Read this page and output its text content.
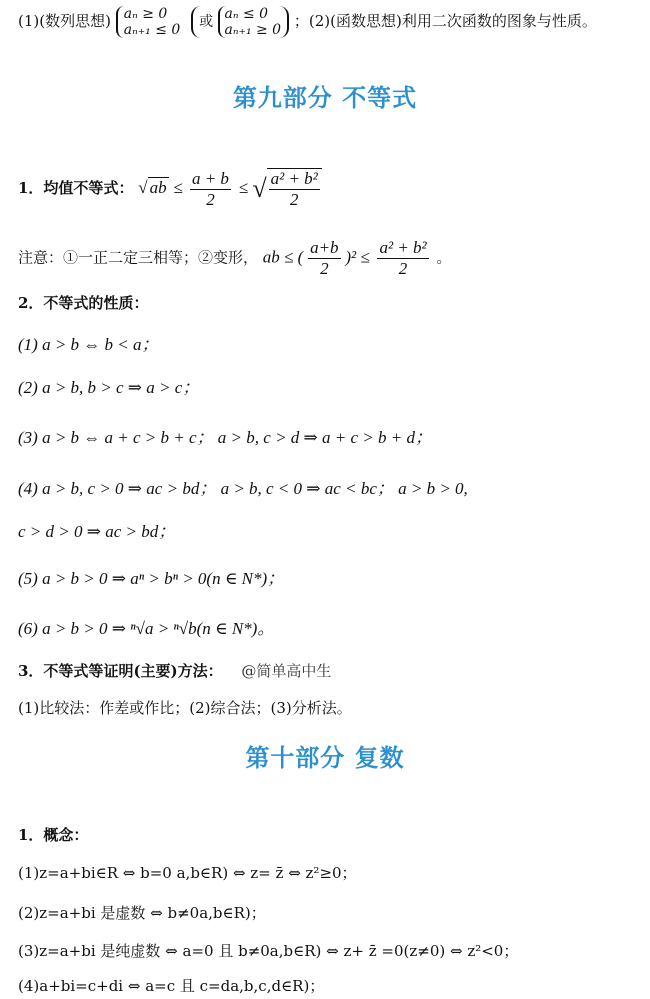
(1)(数列思想) aₙ ≥ 0
aₙ₊₁ ≤ 0 或 aₙ ≤ 0
aₙ₊₁ ≥ 0 ；(2)(函数思想)利用二次函数的图象与性质。
第九部分 不等式
1．均值不等式： √ ab ≤ $\frac{a + b}{2}$ ≤ √ $\frac{\text{a² + b²}}{2}$
注意：①一正二定三相等；②变形， ab ≤ ( $\frac{a+b}{2} )^2 \le \frac{\text{a² + b²}}{2}$ 。
2．不等式的性质：
(1) a > b ⇔ b < a；
(2) a > b, b > c ⇒ a > c；
(3) a > b ⇔ a + c > b + c； a > b, c > d ⇒ a + c > b + d；
(4) a > b, c > 0 ⇒ ac > bd； a > b, c < 0 ⇒ ac < bc； a > b > 0,
c > d > 0 ⇒ ac > bd；
(5) a > b > 0 ⇒ aⁿ > bⁿ > 0(n ∈ N*)；
(6) a > b > 0 ⇒ ⁿ√a > ⁿ√b(n ∈ N*)。
3．不等式等证明(主要)方法： @简单高中生
(1)比较法：作差或作比；(2)综合法；(3)分析法。
第十部分 复数
1．概念：
(1)z=a+bi∈R ⇔ b=0 a,b∈R) ⇔ z= z̄ ⇔ z²≥0；
(2)z=a+bi 是虚数 ⇔ b≠0a,b∈R)；
(3)z=a+bi 是纯虚数 ⇔ a=0 且 b≠0a,b∈R) ⇔ z+ z̄ =0(z≠0) ⇔ z²<0；
(4)a+bi=c+di ⇔ a=c 且 c=da,b,c,d∈R)；
